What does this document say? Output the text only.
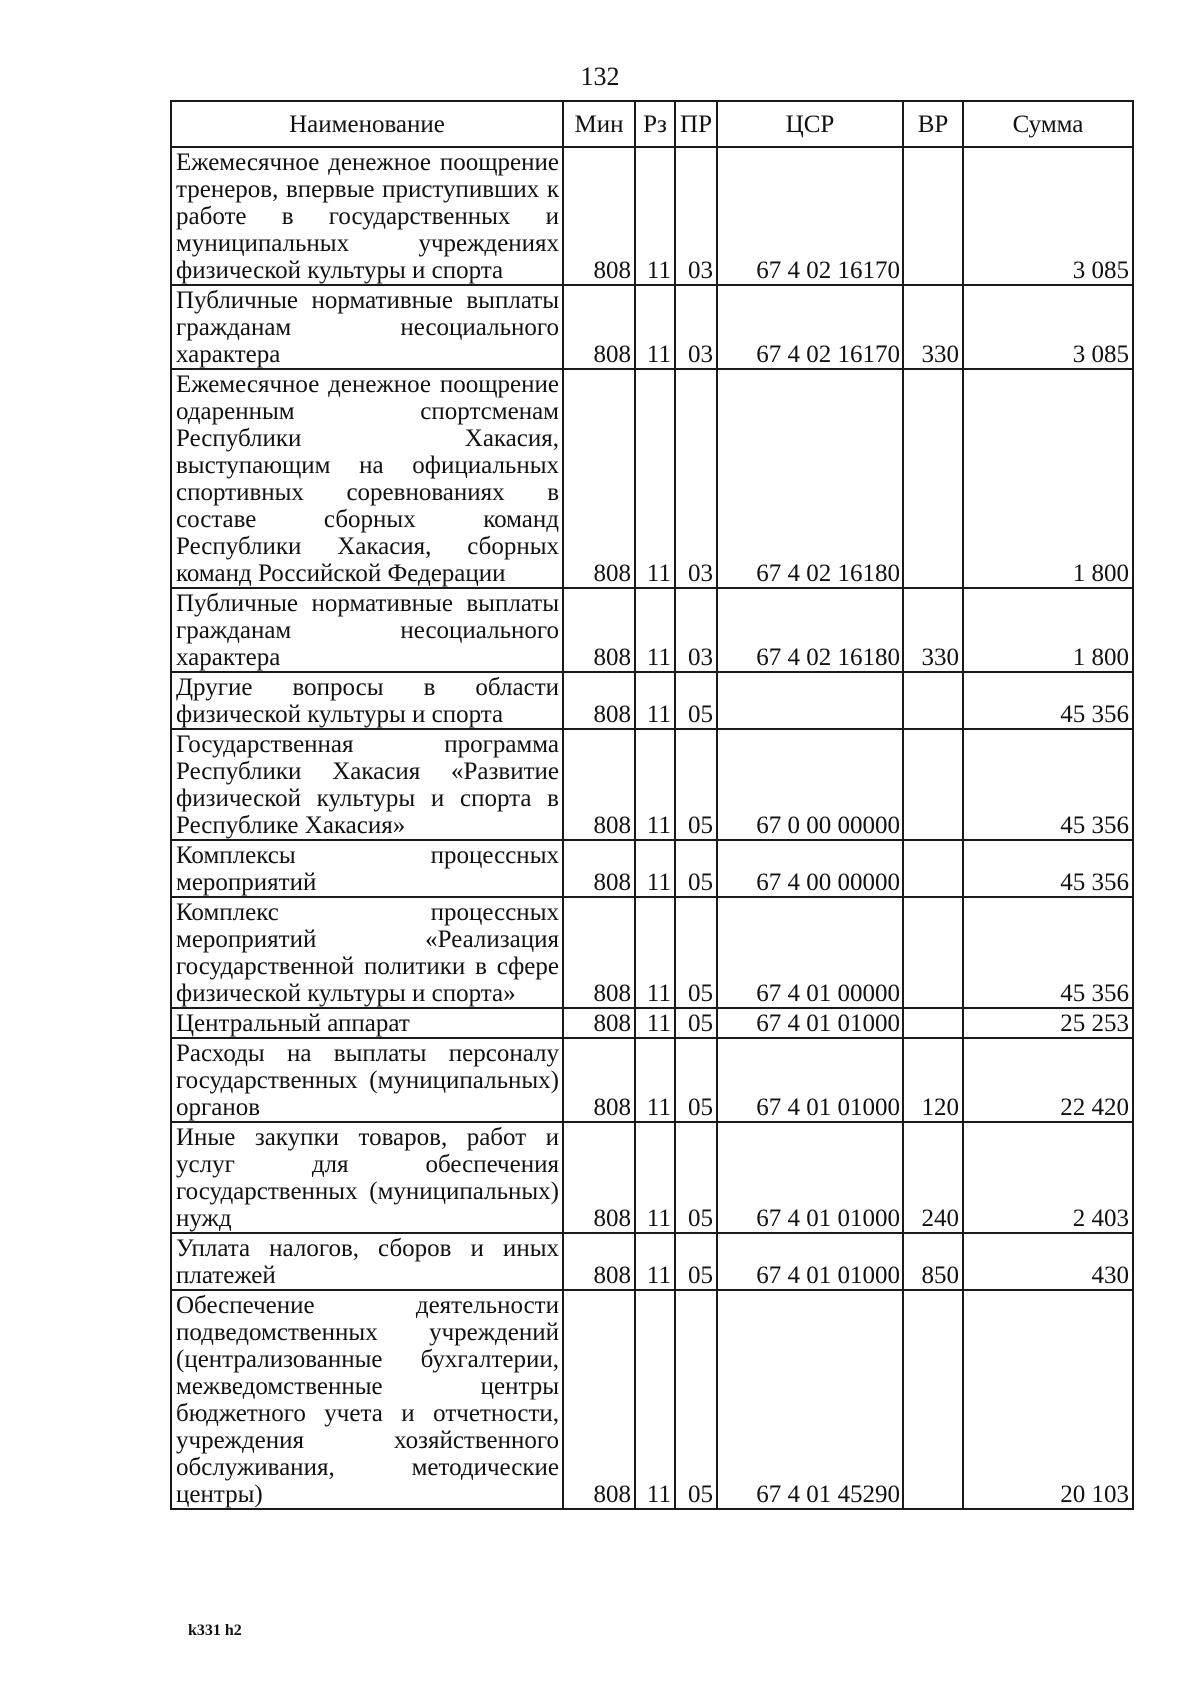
132
Наименование	Мин	Рз	ПР	ЦСР	ВР	Сумма
Ежемесячное денежное поощрение тренеров, впервые приступивших к работе в государственных и муниципальных учреждениях физической культуры и спорта	808	11	03	67 4 02 16170		3 085
Публичные нормативные выплаты гражданам несоциального характера	808	11	03	67 4 02 16170	330	3 085
Ежемесячное денежное поощрение одаренным спортсменам Республики Хакасия, выступающим на официальных спортивных соревнованиях в составе сборных команд Республики Хакасия, сборных команд Российской Федерации	808	11	03	67 4 02 16180		1 800
Публичные нормативные выплаты гражданам несоциального характера	808	11	03	67 4 02 16180	330	1 800
Другие вопросы в области физической культуры и спорта	808	11	05			45 356
Государственная программа Республики Хакасия «Развитие физической культуры и спорта в Республике Хакасия»	808	11	05	67 0 00 00000		45 356
Комплексы процессных мероприятий	808	11	05	67 4 00 00000		45 356
Комплекс процессных мероприятий «Реализация государственной политики в сфере физической культуры и спорта»	808	11	05	67 4 01 00000		45 356
Центральный аппарат	808	11	05	67 4 01 01000		25 253
Расходы на выплаты персоналу государственных (муниципальных) органов	808	11	05	67 4 01 01000	120	22 420
Иные закупки товаров, работ и услуг для обеспечения государственных (муниципальных) нужд	808	11	05	67 4 01 01000	240	2 403
Уплата налогов, сборов и иных платежей	808	11	05	67 4 01 01000	850	430
Обеспечение деятельности подведомственных учреждений (централизованные бухгалтерии, межведомственные центры бюджетного учета и отчетности, учреждения хозяйственного обслуживания, методические центры)	808	11	05	67 4 01 45290		20 103
k331 h2
